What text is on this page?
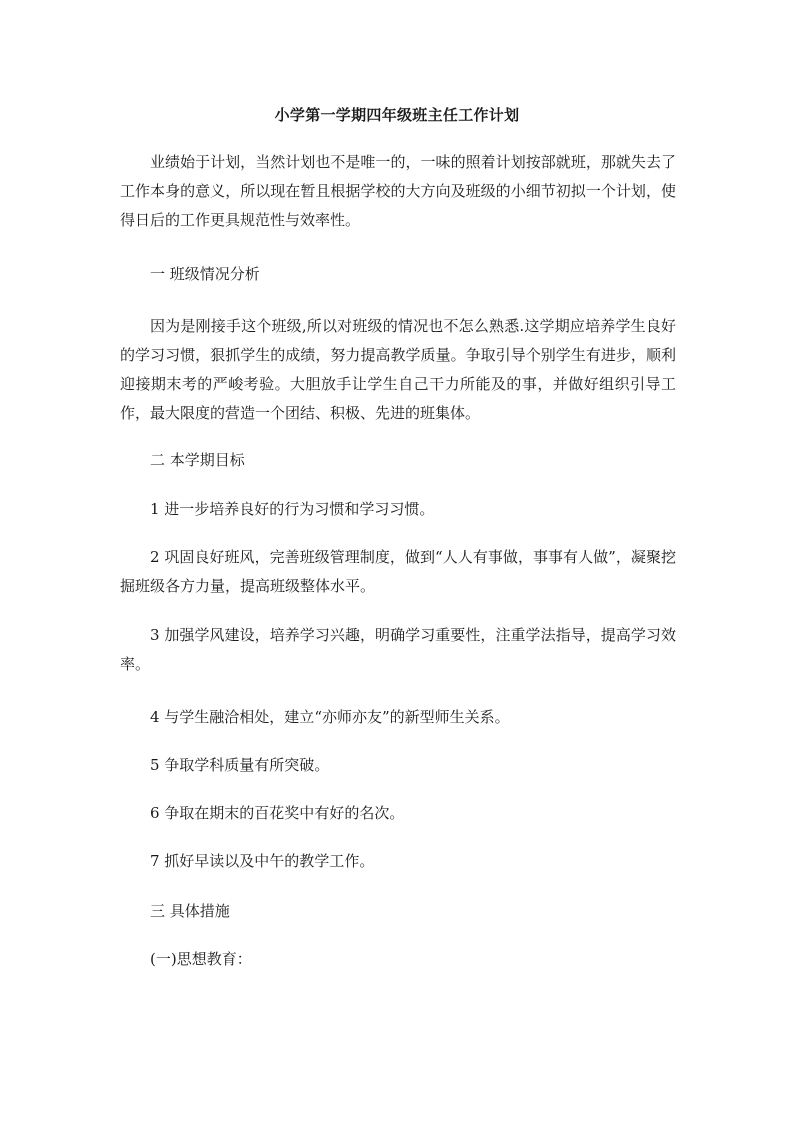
小学第一学期四年级班主任工作计划

业绩始于计划，当然计划也不是唯一的，一味的照着计划按部就班，那就失去了工作本身的意义，所以现在暂且根据学校的大方向及班级的小细节初拟一个计划，使得日后的工作更具规范性与效率性。

一 班级情况分析

因为是刚接手这个班级,所以对班级的情况也不怎么熟悉.这学期应培养学生良好的学习习惯，狠抓学生的成绩，努力提高教学质量。争取引导个别学生有进步，顺利迎接期末考的严峻考验。大胆放手让学生自己干力所能及的事，并做好组织引导工作，最大限度的营造一个团结、积极、先进的班集体。

二 本学期目标

1 进一步培养良好的行为习惯和学习习惯。

2 巩固良好班风，完善班级管理制度，做到“人人有事做，事事有人做”，凝聚挖掘班级各方力量，提高班级整体水平。

3 加强学风建设，培养学习兴趣，明确学习重要性，注重学法指导，提高学习效率。

4 与学生融洽相处，建立“亦师亦友”的新型师生关系。

5 争取学科质量有所突破。

6 争取在期末的百花奖中有好的名次。

7 抓好早读以及中午的教学工作。

三 具体措施

(一)思想教育：
